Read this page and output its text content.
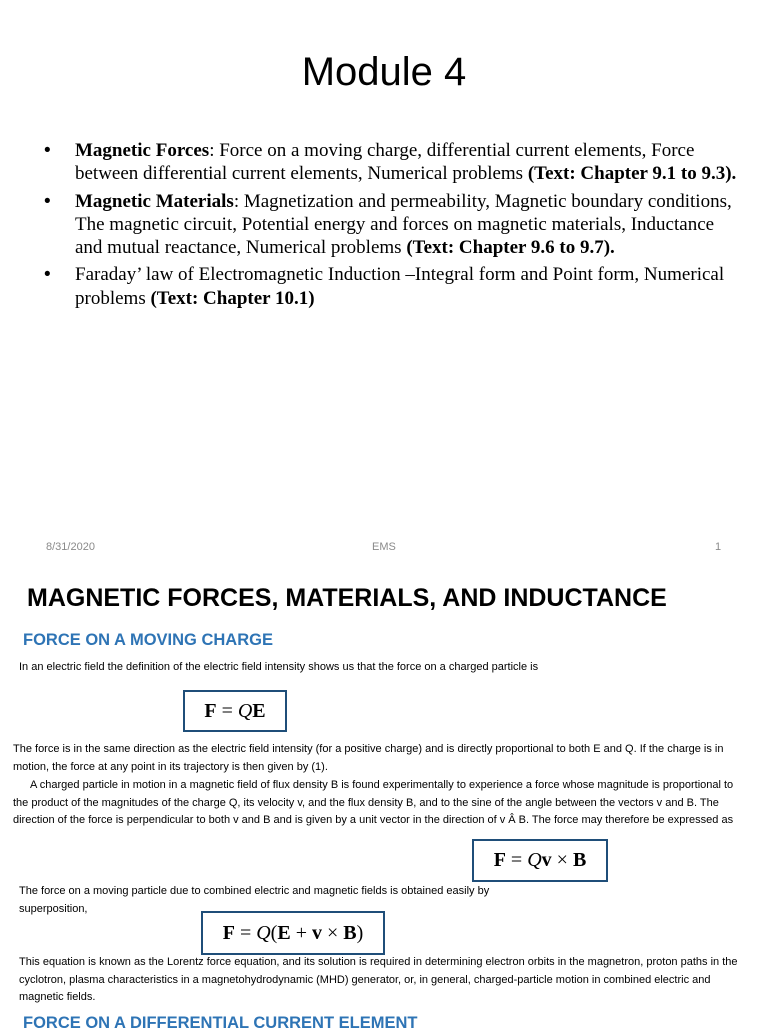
Module 4
• Magnetic Forces: Force on a moving charge, differential current elements, Force between differential current elements, Numerical problems (Text: Chapter 9.1 to 9.3).
• Magnetic Materials: Magnetization and permeability, Magnetic boundary conditions, The magnetic circuit, Potential energy and forces on magnetic materials, Inductance and mutual reactance, Numerical problems (Text: Chapter 9.6 to 9.7).
• Faraday’ law of Electromagnetic Induction –Integral form and Point form, Numerical problems (Text: Chapter 10.1)
8/31/2020	EMS	1
MAGNETIC FORCES, MATERIALS, AND INDUCTANCE
FORCE ON A MOVING CHARGE

In an electric field the definition of the electric field intensity shows us that the force on a charged particle is

F = Q E

The force is in the same direction as the electric field intensity (for a positive charge) and is directly proportional to both E and Q. If the charge is in motion, the force at any point in its trajectory is then given by (1).

A charged particle in motion in a magnetic field of flux density B is found experimentally to experience a force whose magnitude is proportional to the product of the magnitudes of the charge Q, its velocity v, and the flux density B, and to the sine of the angle between the vectors v and B. The direction of the force is perpendicular to both v and B and is given by a unit vector in the direction of v Â B. The force may therefore be expressed as

F = Q v × B

The force on a moving particle due to combined electric and magnetic fields is obtained easily by superposition,

F = Q ( E + v × B )

This equation is known as the Lorentz force equation, and its solution is required in determining electron orbits in the magnetron, proton paths in the cyclotron, plasma characteristics in a magnetohydrodynamic (MHD) generator, or, in general, charged-particle motion in combined electric and magnetic fields.

FORCE ON A DIFFERENTIAL CURRENT ELEMENT
